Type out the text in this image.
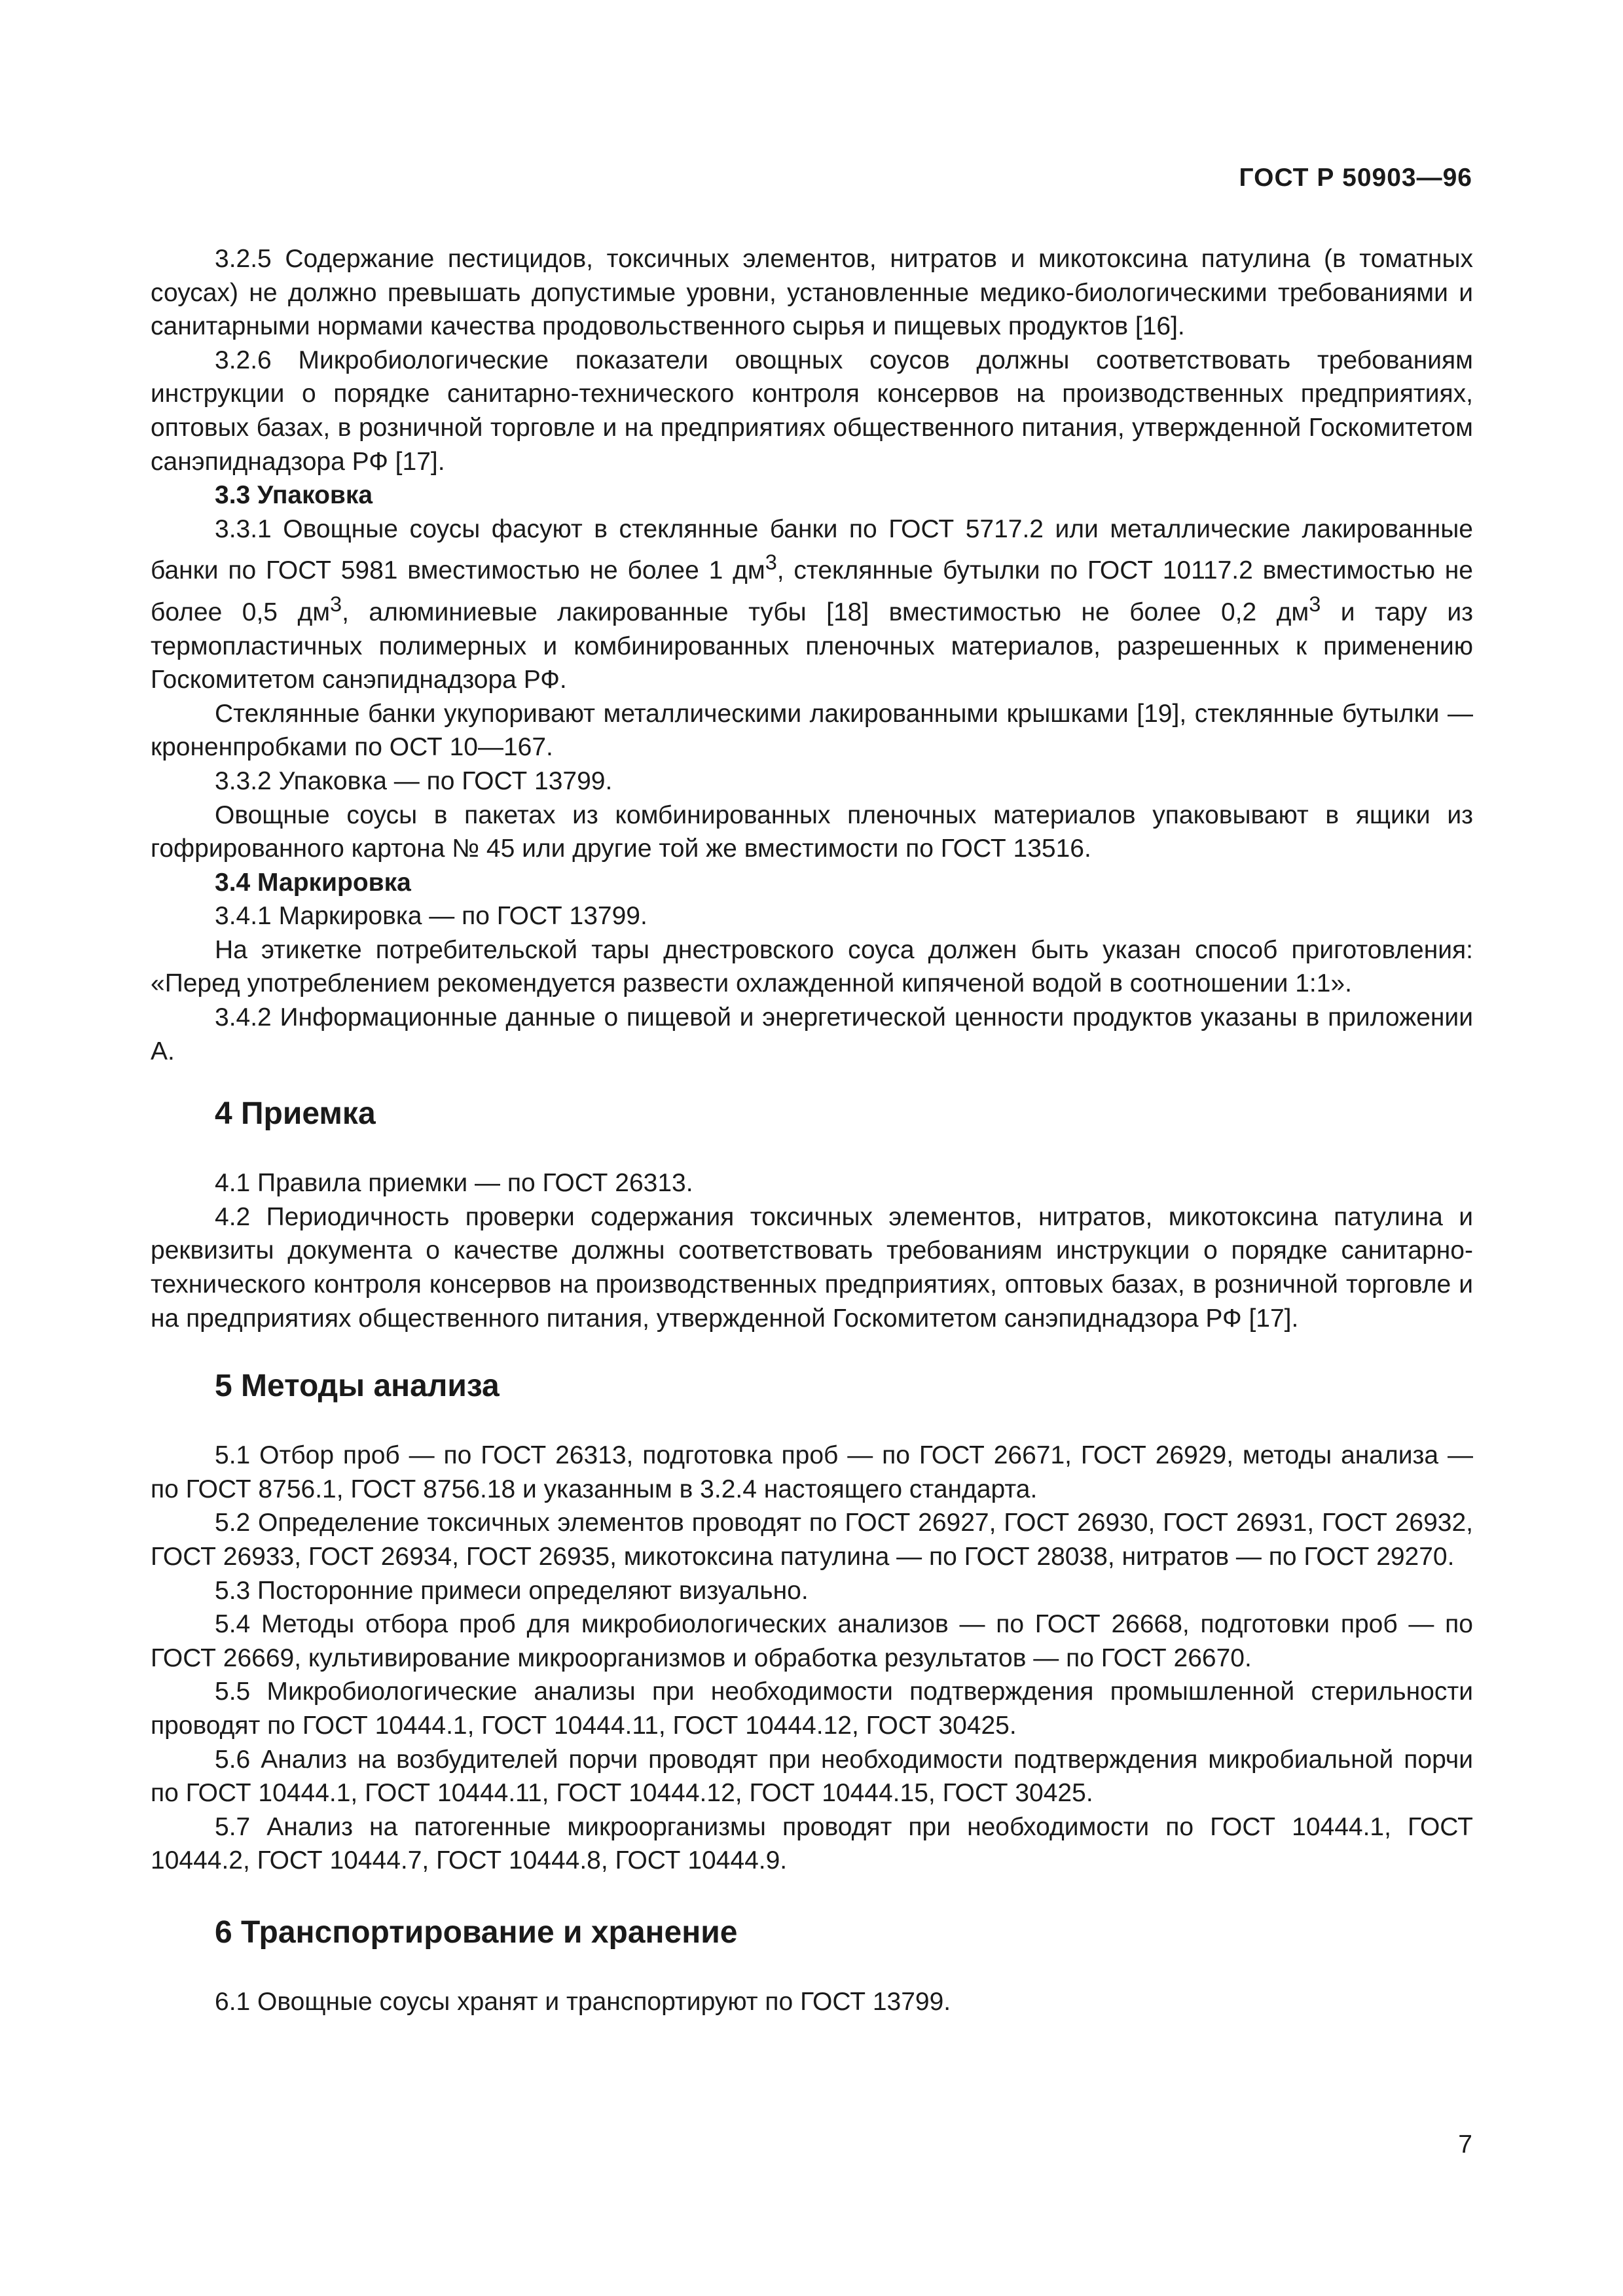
ГОСТ Р 50903—96

3.2.5 Содержание пестицидов, токсичных элементов, нитратов и микотоксина патулина (в томатных соусах) не должно превышать допустимые уровни, установленные медико-биологическими требованиями и санитарными нормами качества продовольственного сырья и пищевых продуктов [16].

3.2.6 Микробиологические показатели овощных соусов должны соответствовать требованиям инструкции о порядке санитарно-технического контроля консервов на производственных предприятиях, оптовых базах, в розничной торговле и на предприятиях общественного питания, утвержденной Госкомитетом санэпиднадзора РФ [17].

3.3 Упаковка

3.3.1 Овощные соусы фасуют в стеклянные банки по ГОСТ 5717.2 или металлические лакированные банки по ГОСТ 5981 вместимостью не более 1 $дм^3$, стеклянные бутылки по ГОСТ 10117.2 вместимостью не более 0,5 $дм^3$, алюминиевые лакированные тубы [18] вместимостью не более 0,2 $дм^3$ и тару из термопластичных полимерных и комбинированных пленочных материалов, разрешенных к применению Госкомитетом санэпиднадзора РФ.

Стеклянные банки укупоривают металлическими лакированными крышками [19], стеклянные бутылки — кроненпробками по ОСТ 10—167.

3.3.2 Упаковка — по ГОСТ 13799.

Овощные соусы в пакетах из комбинированных пленочных материалов упаковывают в ящики из гофрированного картона № 45 или другие той же вместимости по ГОСТ 13516.

3.4 Маркировка

3.4.1 Маркировка — по ГОСТ 13799.

На этикетке потребительской тары днестровского соуса должен быть указан способ приготовления: «Перед употреблением рекомендуется развести охлажденной кипяченой водой в соотношении 1:1».

3.4.2 Информационные данные о пищевой и энергетической ценности продуктов указаны в приложении А.

4 Приемка

4.1 Правила приемки — по ГОСТ 26313.

4.2 Периодичность проверки содержания токсичных элементов, нитратов, микотоксина патулина и реквизиты документа о качестве должны соответствовать требованиям инструкции о порядке санитарно-технического контроля консервов на производственных предприятиях, оптовых базах, в розничной торговле и на предприятиях общественного питания, утвержденной Госкомитетом санэпиднадзора РФ [17].

5 Методы анализа

5.1 Отбор проб — по ГОСТ 26313, подготовка проб — по ГОСТ 26671, ГОСТ 26929, методы анализа — по ГОСТ 8756.1, ГОСТ 8756.18 и указанным в 3.2.4 настоящего стандарта.

5.2 Определение токсичных элементов проводят по ГОСТ 26927, ГОСТ 26930, ГОСТ 26931, ГОСТ 26932, ГОСТ 26933, ГОСТ 26934, ГОСТ 26935, микотоксина патулина — по ГОСТ 28038, нитратов — по ГОСТ 29270.

5.3 Посторонние примеси определяют визуально.

5.4 Методы отбора проб для микробиологических анализов — по ГОСТ 26668, подготовки проб — по ГОСТ 26669, культивирование микроорганизмов и обработка результатов — по ГОСТ 26670.

5.5 Микробиологические анализы при необходимости подтверждения промышленной стерильности проводят по ГОСТ 10444.1, ГОСТ 10444.11, ГОСТ 10444.12, ГОСТ 30425.

5.6 Анализ на возбудителей порчи проводят при необходимости подтверждения микробиальной порчи по ГОСТ 10444.1, ГОСТ 10444.11, ГОСТ 10444.12, ГОСТ 10444.15, ГОСТ 30425.

5.7 Анализ на патогенные микроорганизмы проводят при необходимости по ГОСТ 10444.1, ГОСТ 10444.2, ГОСТ 10444.7, ГОСТ 10444.8, ГОСТ 10444.9.

6 Транспортирование и хранение

6.1 Овощные соусы хранят и транспортируют по ГОСТ 13799.

7
